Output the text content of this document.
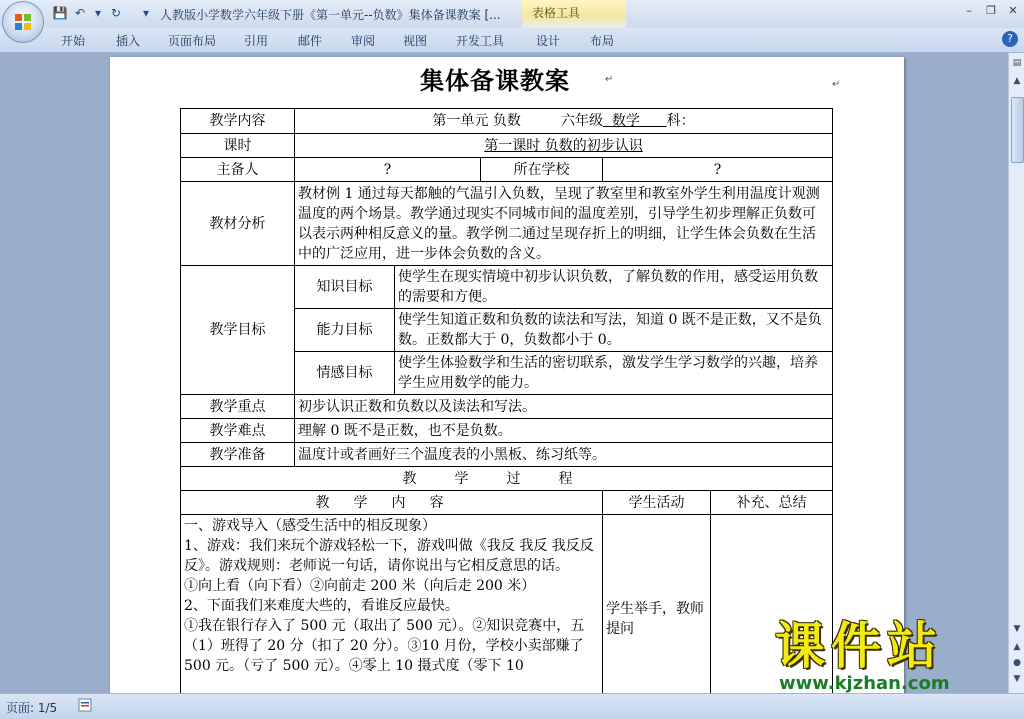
💾 ↶ ▾ ↻	▾ 人教版小学数学六年级下册《第一单元--负数》集体备课教案 [...	–	❐	✕
表格工具
开始	插入 页面布局 引用 邮件 审阅 视图 开发工具	设计 布局	?
集体备课教案	↵	↵
教学内容	第一单元 负数 六年级 数学 科：				
课时	第一课时 负数的初步认识				
主备人	?		所在学校	?	
教材分析	教材例 1 通过每天都触的气温引入负数，呈现了教室里和教室外学生利用温度计观测温度的两个场景。教学通过现实不同城市间的温度差别，引导学生初步理解正负数可以表示两种相反意义的量。教学例二通过呈现存折上的明细，让学生体会负数在生活中的广泛应用，进一步体会负数的含义。				
教学目标	知识目标	使学生在现实情境中初步认识负数，了解负数的作用，感受运用负数的需要和方便。			
	能力目标	使学生知道正数和负数的读法和写法，知道 0 既不是正数，又不是负数。正数都大于 0，负数都小于 0。			
	情感目标	使学生体验数学和生活的密切联系，激发学生学习数学的兴趣，培养学生应用数学的能力。			
教学重点	初步认识正数和负数以及读法和写法。				
教学难点	理解 0 既不是正数，也不是负数。				
教学准备	温度计或者画好三个温度表的小黑板、练习纸等。				
教学过程					
教学内容				学生活动	补充、总结

一、游戏导入（感受生活中的相反现象）

1、游戏：我们来玩个游戏轻松一下，游戏叫做《我反 我反 我反反反》。游戏规则：老师说一句话，请你说出与它相反意思的话。

①向上看（向下看）②向前走 200 米（向后走 200 米）

2、下面我们来难度大些的，看谁反应最快。

①我在银行存入了 500 元（取出了 500 元）。②知识竞赛中，五（1）班得了 20 分（扣了 20 分）。③10 月份，学校小卖部赚了 500 元。（亏了 500 元）。④零上 10 摄式度（零下 10				学生举手，教师提问	
▤
▲
▼
▲
●
▼
页面: 1/5
课件站
www.kjzhan.com
